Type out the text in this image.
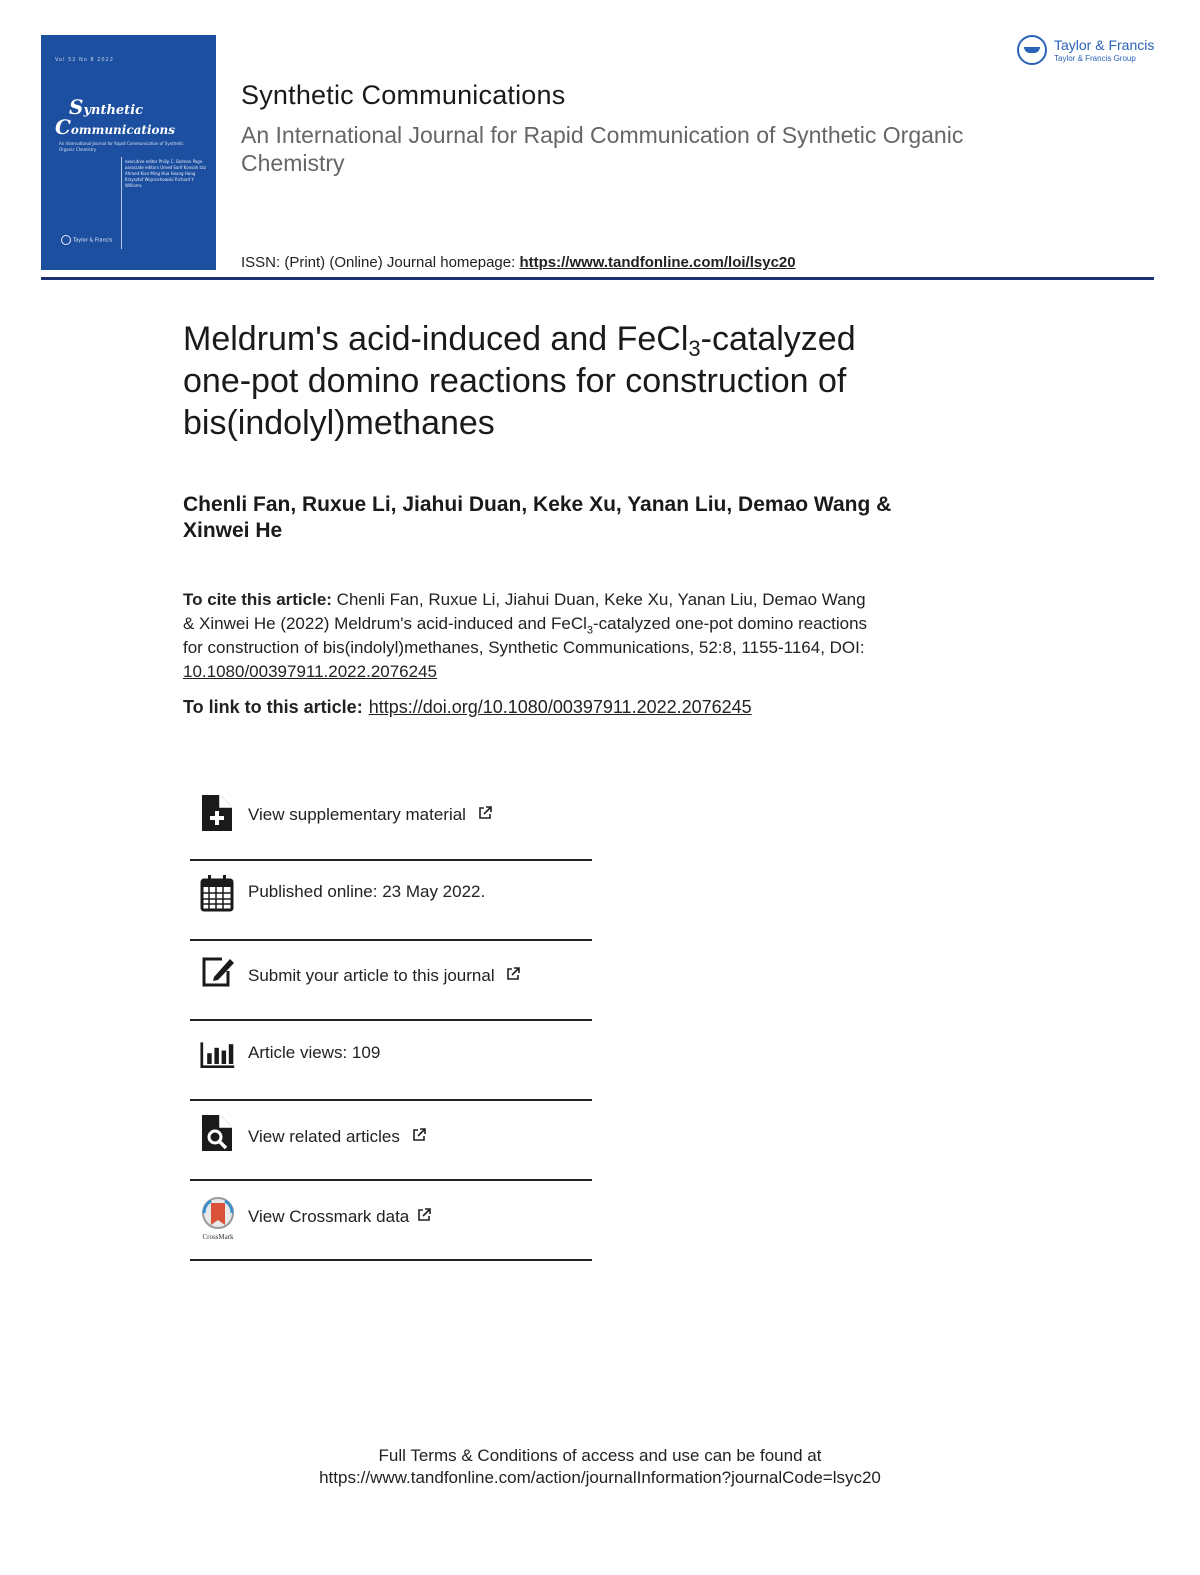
Vol 52 No 8 2022
Synthetic
Communications
An International Journal for Rapid Communication of Synthetic Organic Chemistry
executive editor Philip C. Bulman Page associate editors Umed Sarif Konsah Iziz Ahmed Kian Ming Hua Hoang Hong Krzysztof Wojciechowski Richard Y. Williams
Taylor & Francis
Synthetic Communications
An International Journal for Rapid Communication of Synthetic Organic Chemistry
ISSN: (Print) (Online) Journal homepage: https://www.tandfonline.com/loi/lsyc20
Taylor & Francis
Taylor & Francis Group
Meldrum's acid-induced and FeCl$_3$-catalyzed
one-pot domino reactions for construction of
bis(indolyl)methanes
Chenli Fan, Ruxue Li, Jiahui Duan, Keke Xu, Yanan Liu, Demao Wang &
Xinwei He
To cite this article: Chenli Fan, Ruxue Li, Jiahui Duan, Keke Xu, Yanan Liu, Demao Wang
& Xinwei He (2022) Meldrum's acid-induced and FeCl$_3$-catalyzed one-pot domino reactions
for construction of bis(indolyl)methanes, Synthetic Communications, 52:8, 1155-1164, DOI:
10.1080/00397911.2022.2076245
To link to this article: https://doi.org/10.1080/00397911.2022.2076245
View supplementary material
Published online: 23 May 2022.
Submit your article to this journal
Article views: 109
View related articles
CrossMark
View Crossmark data
Full Terms & Conditions of access and use can be found at
https://www.tandfonline.com/action/journalInformation?journalCode=lsyc20
